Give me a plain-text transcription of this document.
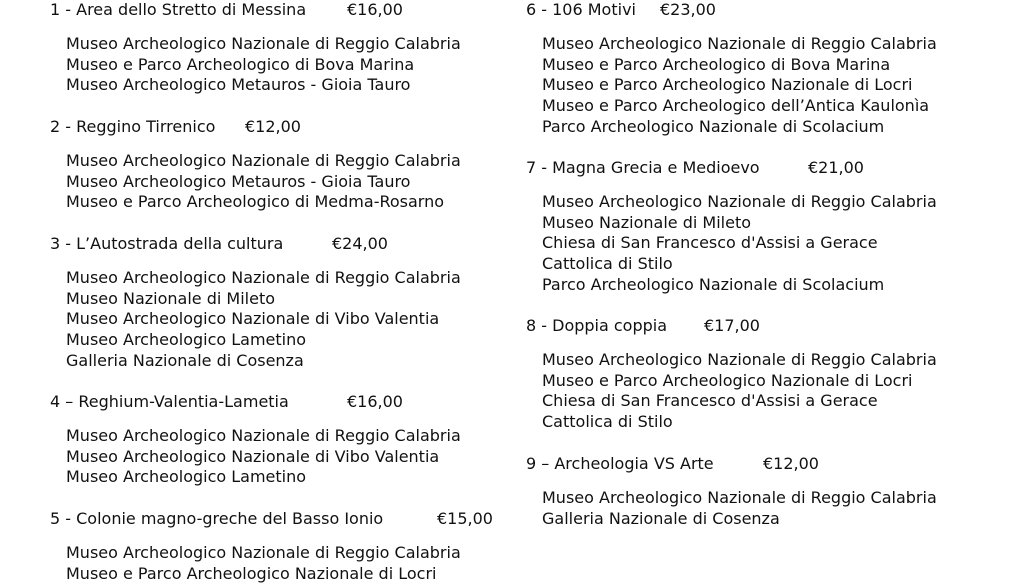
1 - Area dello Stretto di Messina	€16,00
Museo Archeologico Nazionale di Reggio Calabria
Museo e Parco Archeologico di Bova Marina
Museo Archeologico Metauros - Gioia Tauro
2 - Reggino Tirrenico €12,00
Museo Archeologico Nazionale di Reggio Calabria
Museo Archeologico Metauros - Gioia Tauro
Museo e Parco Archeologico di Medma-Rosarno
3 - L’Autostrada della cultura	€24,00
Museo Archeologico Nazionale di Reggio Calabria
Museo Nazionale di Mileto
Museo Archeologico Nazionale di Vibo Valentia
Museo Archeologico Lametino
Galleria Nazionale di Cosenza
4 – Reghium-Valentia-Lametia	€16,00
Museo Archeologico Nazionale di Reggio Calabria
Museo Archeologico Nazionale di Vibo Valentia
Museo Archeologico Lametino
5 - Colonie magno-greche del Basso Ionio	€15,00
Museo Archeologico Nazionale di Reggio Calabria
Museo e Parco Archeologico Nazionale di Locri
6 - 106 Motivi €23,00
Museo Archeologico Nazionale di Reggio Calabria
Museo e Parco Archeologico di Bova Marina
Museo e Parco Archeologico Nazionale di Locri
Museo e Parco Archeologico dell’Antica Kaulonìa
Parco Archeologico Nazionale di Scolacium
7 - Magna Grecia e Medioevo	€21,00
Museo Archeologico Nazionale di Reggio Calabria
Museo Nazionale di Mileto
Chiesa di San Francesco d'Assisi a Gerace
Cattolica di Stilo
Parco Archeologico Nazionale di Scolacium
8 - Doppia coppia €17,00
Museo Archeologico Nazionale di Reggio Calabria
Museo e Parco Archeologico Nazionale di Locri
Chiesa di San Francesco d'Assisi a Gerace
Cattolica di Stilo
9 – Archeologia VS Arte	€12,00
Museo Archeologico Nazionale di Reggio Calabria
Galleria Nazionale di Cosenza
